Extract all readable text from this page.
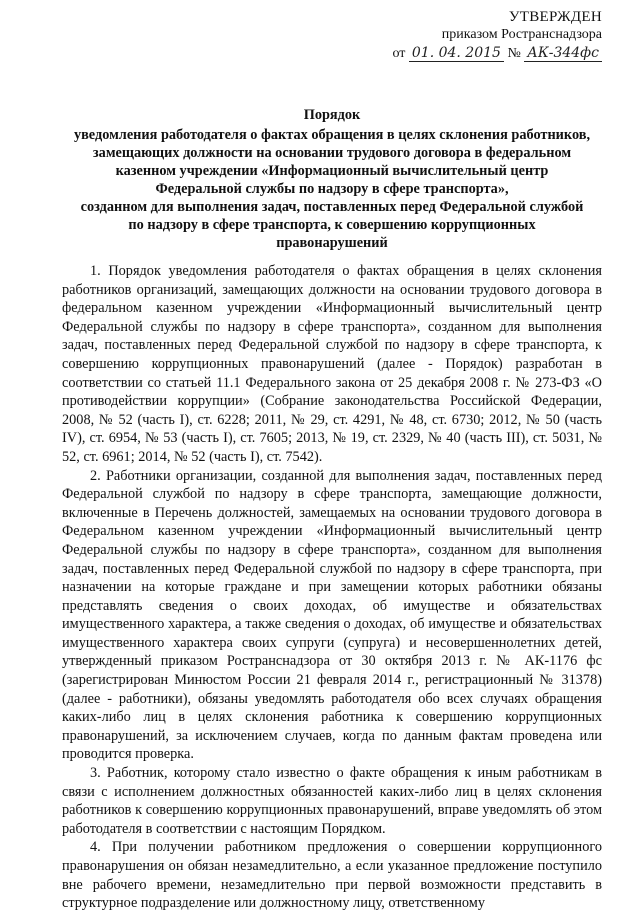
УТВЕРЖДЕН
приказом Ространснадзора
от 01. 04. 2015 № АК-344фс
Порядок
уведомления работодателя о фактах обращения в целях склонения работников,
замещающих должности на основании трудового договора в федеральном
казенном учреждении «Информационный вычислительный центр
Федеральной службы по надзору в сфере транспорта»,
созданном для выполнения задач, поставленных перед Федеральной службой
по надзору в сфере транспорта, к совершению коррупционных
правонарушений

1. Порядок уведомления работодателя о фактах обращения в целях склонения работников организаций, замещающих должности на основании трудового договора в федеральном казенном учреждении «Информационный вычислительный центр Федеральной службы по надзору в сфере транспорта», созданном для выполнения задач, поставленных перед Федеральной службой по надзору в сфере транспорта, к совершению коррупционных правонарушений (далее - Порядок) разработан в соответствии со статьей 11.1 Федерального закона от 25 декабря 2008 г. № 273-ФЗ «О противодействии коррупции» (Собрание законодательства Российской Федерации, 2008, № 52 (часть I), ст. 6228; 2011, № 29, ст. 4291, № 48, ст. 6730; 2012, № 50 (часть IV), ст. 6954, № 53 (часть I), ст. 7605; 2013, № 19, ст. 2329, № 40 (часть III), ст. 5031, № 52, ст. 6961; 2014, № 52 (часть I), ст. 7542).

2. Работники организации, созданной для выполнения задач, поставленных перед Федеральной службой по надзору в сфере транспорта, замещающие должности, включенные в Перечень должностей, замещаемых на основании трудового договора в Федеральном казенном учреждении «Информационный вычислительный центр Федеральной службы по надзору в сфере транспорта», созданном для выполнения задач, поставленных перед Федеральной службой по надзору в сфере транспорта, при назначении на которые граждане и при замещении которых работники обязаны представлять сведения о своих доходах, об имуществе и обязательствах имущественного характера, а также сведения о доходах, об имуществе и обязательствах имущественного характера своих супруги (супруга) и несовершеннолетних детей, утвержденный приказом Ространснадзора от 30 октября 2013 г. № АК-1176 фс (зарегистрирован Минюстом России 21 февраля 2014 г., регистрационный № 31378) (далее - работники), обязаны уведомлять работодателя обо всех случаях обращения каких-либо лиц в целях склонения работника к совершению коррупционных правонарушений, за исключением случаев, когда по данным фактам проведена или проводится проверка.

3. Работник, которому стало известно о факте обращения к иным работникам в связи с исполнением должностных обязанностей каких-либо лиц в целях склонения работников к совершению коррупционных правонарушений, вправе уведомлять об этом работодателя в соответствии с настоящим Порядком.

4. При получении работником предложения о совершении коррупционного правонарушения он обязан незамедлительно, а если указанное предложение поступило вне рабочего времени, незамедлительно при первой возможности представить в структурное подразделение или должностному лицу, ответственному
